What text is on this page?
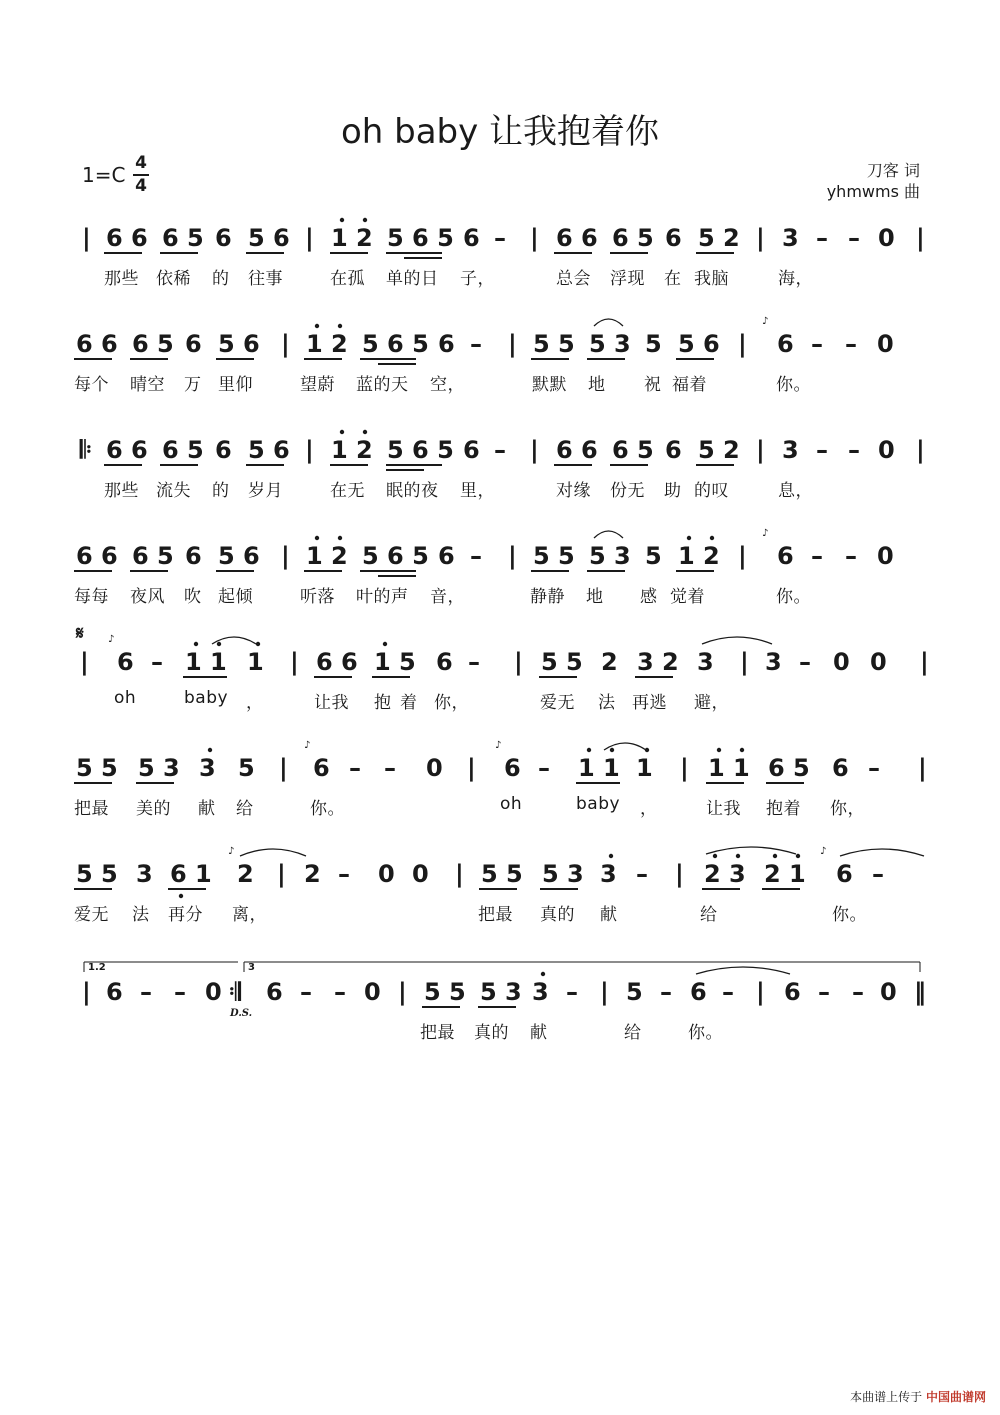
oh baby 让我抱着你
1=C 4
4
刀客 词
yhmwms 曲
| 6 6 6 5 6 5 6 | 1 2 5 6 5 6 – | 6 6 6 5 6 5 2 | 3 – – 0 |
那些 依稀 的 往事	在孤 单的日 子，	总会 浮现 在 我脑	海，
6 6 6 5 6 5 6 | 1 2 5 6 5 6 – | 5 5 5 3 5 5 6 | 6 – – 0
每个 晴空 万 里仰	望蔚 蓝的天 空，	默默 地 祝 福着	你。
♪
𝄆 6 6 6 5 6 5 6 | 1 2 5 6 5 6 – | 6 6 6 5 6 5 2 | 3 – – 0 |
那些 流失 的 岁月	在无 眠的夜 里，	对缘 份无 助 的叹	息，
6 6 6 5 6 5 6 | 1 2 5 6 5 6 – | 5 5 5 3 5 1 2 | 6 – – 0
每每 夜风 吹 起倾	听落 叶的声 音，	静静 地 感 觉着	你。
♪
| 6 – 1 1 1 | 6 6 1 5 6 – | 5 5 2 3 2 3 | 3 – 0 0 |
oh	baby ，	让我 抱 着 你，	爱无 法 再逃 避，
♪
5 5 5 3 3 5 | 6 – – 0 | 6 – 1 1 1 | 1 1 6 5 6 – |
把最 美的 献 给	你。	oh	baby ，	让我 抱着 你，
♪	♪
5 5 3 6 1 2 | 2 – 0 0 | 5 5 5 3 3 – | 2 3 2 1 6 –
爱无 法 再分 离，	把最 真的 献	给	你。
♪	♪
| 6 – – 0 𝄇 6 – – 0 | 5 5 5 3 3 – | 5 – 6 – | 6 – – 0 ‖
把最 真的 献	给	你。
𝄋
1.2	3
D.S.
本曲谱上传于 中国曲谱网
